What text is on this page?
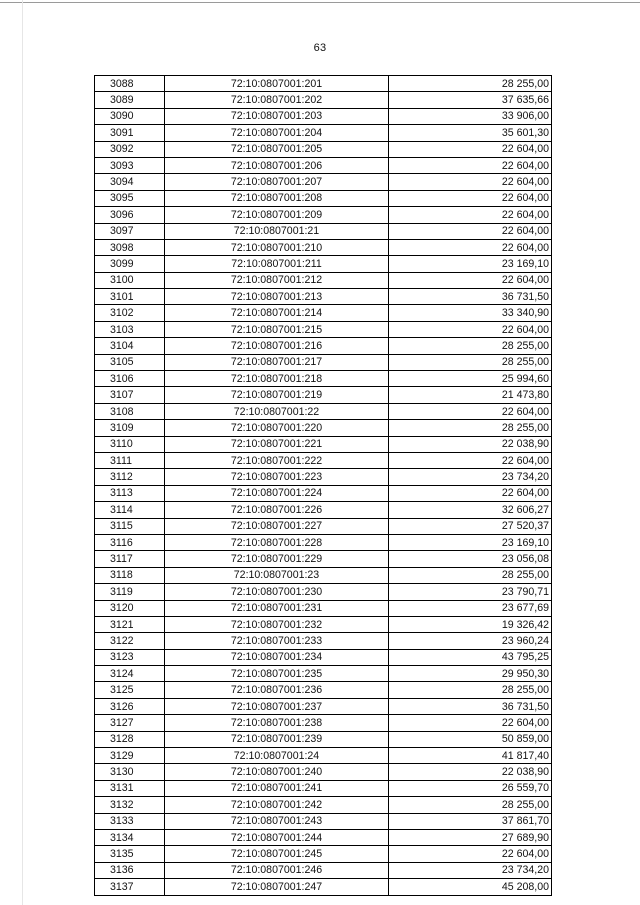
63
3088	72:10:0807001:201	28 255,00
3089	72:10:0807001:202	37 635,66
3090	72:10:0807001:203	33 906,00
3091	72:10:0807001:204	35 601,30
3092	72:10:0807001:205	22 604,00
3093	72:10:0807001:206	22 604,00
3094	72:10:0807001:207	22 604,00
3095	72:10:0807001:208	22 604,00
3096	72:10:0807001:209	22 604,00
3097	72:10:0807001:21	22 604,00
3098	72:10:0807001:210	22 604,00
3099	72:10:0807001:211	23 169,10
3100	72:10:0807001:212	22 604,00
3101	72:10:0807001:213	36 731,50
3102	72:10:0807001:214	33 340,90
3103	72:10:0807001:215	22 604,00
3104	72:10:0807001:216	28 255,00
3105	72:10:0807001:217	28 255,00
3106	72:10:0807001:218	25 994,60
3107	72:10:0807001:219	21 473,80
3108	72:10:0807001:22	22 604,00
3109	72:10:0807001:220	28 255,00
3110	72:10:0807001:221	22 038,90
3111	72:10:0807001:222	22 604,00
3112	72:10:0807001:223	23 734,20
3113	72:10:0807001:224	22 604,00
3114	72:10:0807001:226	32 606,27
3115	72:10:0807001:227	27 520,37
3116	72:10:0807001:228	23 169,10
3117	72:10:0807001:229	23 056,08
3118	72:10:0807001:23	28 255,00
3119	72:10:0807001:230	23 790,71
3120	72:10:0807001:231	23 677,69
3121	72:10:0807001:232	19 326,42
3122	72:10:0807001:233	23 960,24
3123	72:10:0807001:234	43 795,25
3124	72:10:0807001:235	29 950,30
3125	72:10:0807001:236	28 255,00
3126	72:10:0807001:237	36 731,50
3127	72:10:0807001:238	22 604,00
3128	72:10:0807001:239	50 859,00
3129	72:10:0807001:24	41 817,40
3130	72:10:0807001:240	22 038,90
3131	72:10:0807001:241	26 559,70
3132	72:10:0807001:242	28 255,00
3133	72:10:0807001:243	37 861,70
3134	72:10:0807001:244	27 689,90
3135	72:10:0807001:245	22 604,00
3136	72:10:0807001:246	23 734,20
3137	72:10:0807001:247	45 208,00
